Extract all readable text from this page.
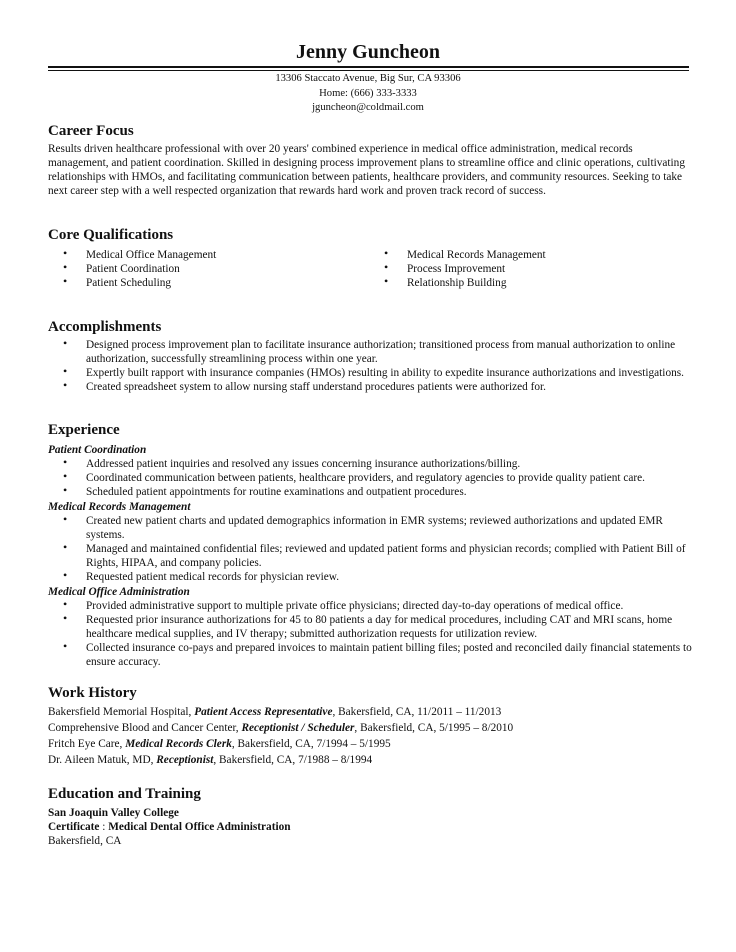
Jenny Guncheon
13306 Staccato Avenue, Big Sur, CA 93306
Home: (666) 333-3333
jguncheon@coldmail.com
Career Focus

Results driven healthcare professional with over 20 years' combined experience in medical office administration, medical records management, and patient coordination. Skilled in designing process improvement plans to streamline office and clinic operations, cultivating relationships with HMOs, and facilitating communication between patients, healthcare providers, and community resources. Seeking to take next career step with a well respected organization that rewards hard work and proven track record of success.

Core Qualifications
• Medical Office Management
• Patient Coordination
• Patient Scheduling
• Medical Records Management
• Process Improvement
• Relationship Building
Accomplishments
• Designed process improvement plan to facilitate insurance authorization; transitioned process from manual authorization to online authorization, successfully streamlining process within one year.
• Expertly built rapport with insurance companies (HMOs) resulting in ability to expedite insurance authorizations and investigations.
• Created spreadsheet system to allow nursing staff understand procedures patients were authorized for.
Experience
Patient Coordination
• Addressed patient inquiries and resolved any issues concerning insurance authorizations/billing.
• Coordinated communication between patients, healthcare providers, and regulatory agencies to provide quality patient care.
• Scheduled patient appointments for routine examinations and outpatient procedures.
Medical Records Management
• Created new patient charts and updated demographics information in EMR systems; reviewed authorizations and updated EMR systems.
• Managed and maintained confidential files; reviewed and updated patient forms and physician records; complied with Patient Bill of Rights, HIPAA, and company policies.
• Requested patient medical records for physician review.
Medical Office Administration
• Provided administrative support to multiple private office physicians; directed day-to-day operations of medical office.
• Requested prior insurance authorizations for 45 to 80 patients a day for medical procedures, including CAT and MRI scans, home healthcare medical supplies, and IV therapy; submitted authorization requests for utilization review.
• Collected insurance co-pays and prepared invoices to maintain patient billing files; posted and reconciled daily financial statements to ensure accuracy.
Work History
Bakersfield Memorial Hospital, Patient Access Representative, Bakersfield, CA, 11/2011 – 11/2013
Comprehensive Blood and Cancer Center, Receptionist / Scheduler, Bakersfield, CA, 5/1995 – 8/2010
Fritch Eye Care, Medical Records Clerk, Bakersfield, CA, 7/1994 – 5/1995
Dr. Aileen Matuk, MD, Receptionist, Bakersfield, CA, 7/1988 – 8/1994
Education and Training
San Joaquin Valley College
Certificate : Medical Dental Office Administration
Bakersfield, CA
